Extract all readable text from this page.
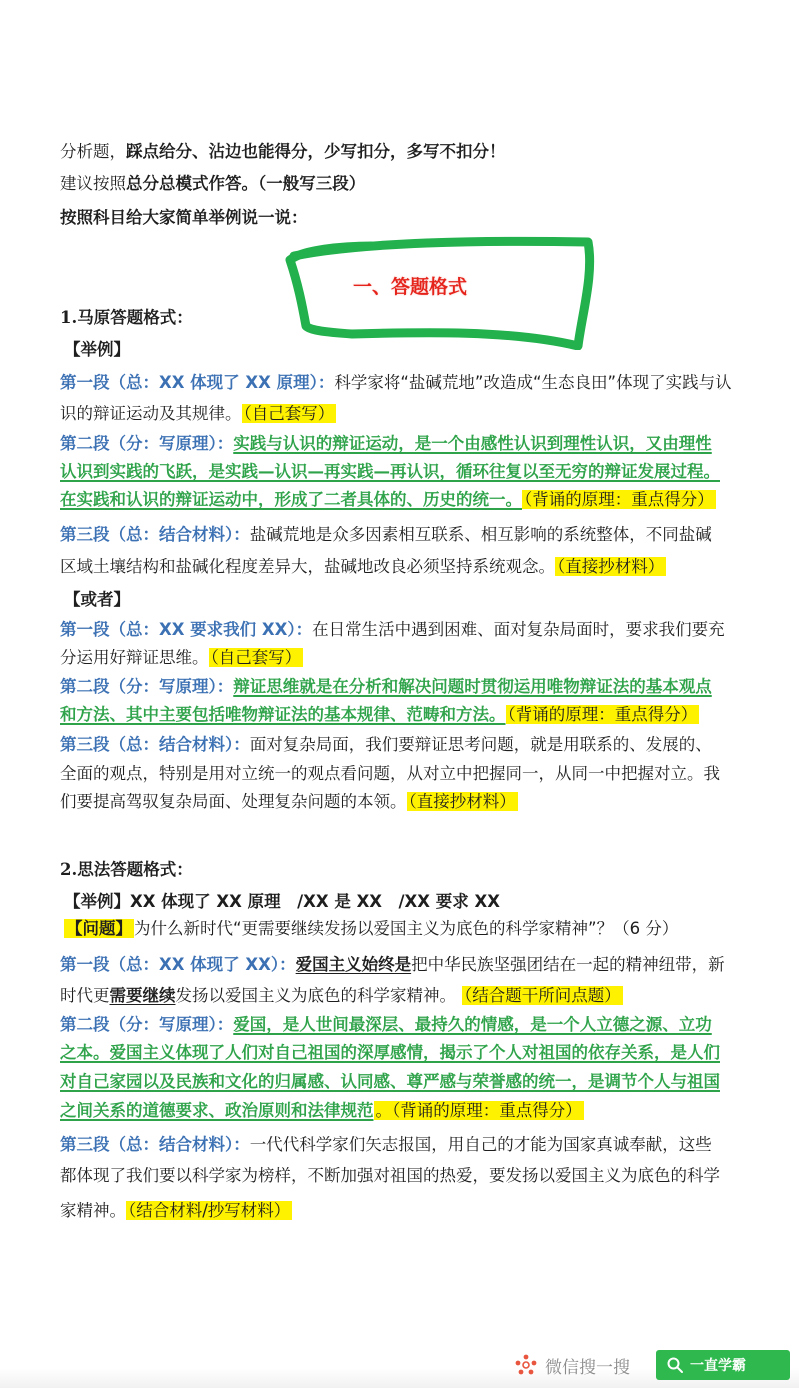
分析题，踩点给分、沾边也能得分，少写扣分，多写不扣分！
建议按照总分总模式作答。（一般写三段）
按照科目给大家简单举例说一说：
一、答题格式
1.马原答题格式：
【举例】
第一段（总：XX 体现了 XX 原理）：科学家将“盐碱荒地”改造成“生态良田”体现了实践与认
识的辩证运动及其规律。 （自己套写）
第二段（分：写原理）：实践与认识的辩证运动，是一个由感性认识到理性认识，又由理性
认识到实践的飞跃，是实践—认识—再实践—再认识，循环往复以至无穷的辩证发展过程。
在实践和认识的辩证运动中，形成了二者具体的、历史的统一。 （背诵的原理：重点得分）
第三段（总：结合材料）：盐碱荒地是众多因素相互联系、相互影响的系统整体，不同盐碱
区域土壤结构和盐碱化程度差异大，盐碱地改良必须坚持系统观念。 （直接抄材料）
【或者】
第一段（总：XX 要求我们 XX）：在日常生活中遇到困难、面对复杂局面时，要求我们要充
分运用好辩证思维。 （自己套写）
第二段（分：写原理）：辩证思维就是在分析和解决问题时贯彻运用唯物辩证法的基本观点
和方法、其中主要包括唯物辩证法的基本规律、范畴和方法。 （背诵的原理：重点得分）
第三段（总：结合材料）：面对复杂局面，我们要辩证思考问题，就是用联系的、发展的、
全面的观点，特别是用对立统一的观点看问题，从对立中把握同一，从同一中把握对立。我
们要提高驾驭复杂局面、处理复杂问题的本领。 （直接抄材料）
2.思法答题格式：
【举例】XX 体现了 XX 原理　/XX 是 XX　/XX 要求 XX
【问题】 为什么新时代“更需要继续发扬以爱国主义为底色的科学家精神”？（6 分）
第一段（总：XX 体现了 XX）：爱国主义始终是把中华民族坚强团结在一起的精神纽带，新
时代更需要继续发扬以爱国主义为底色的科学家精神。 （结合题干所问点题）
第二段（分：写原理）：爱国，是人世间最深层、最持久的情感，是一个人立德之源、立功
之本。爱国主义体现了人们对自己祖国的深厚感情，揭示了个人对祖国的依存关系，是人们
对自己家园以及民族和文化的归属感、认同感、尊严感与荣誉感的统一，是调节个人与祖国
之间关系的道德要求、政治原则和法律规范 。（背诵的原理：重点得分）
第三段（总：结合材料）：一代代科学家们矢志报国，用自己的才能为国家真诚奉献，这些
都体现了我们要以科学家为榜样，不断加强对祖国的热爱，要发扬以爱国主义为底色的科学
家精神。 （结合材料/抄写材料）
微信搜一搜	一直学霸
